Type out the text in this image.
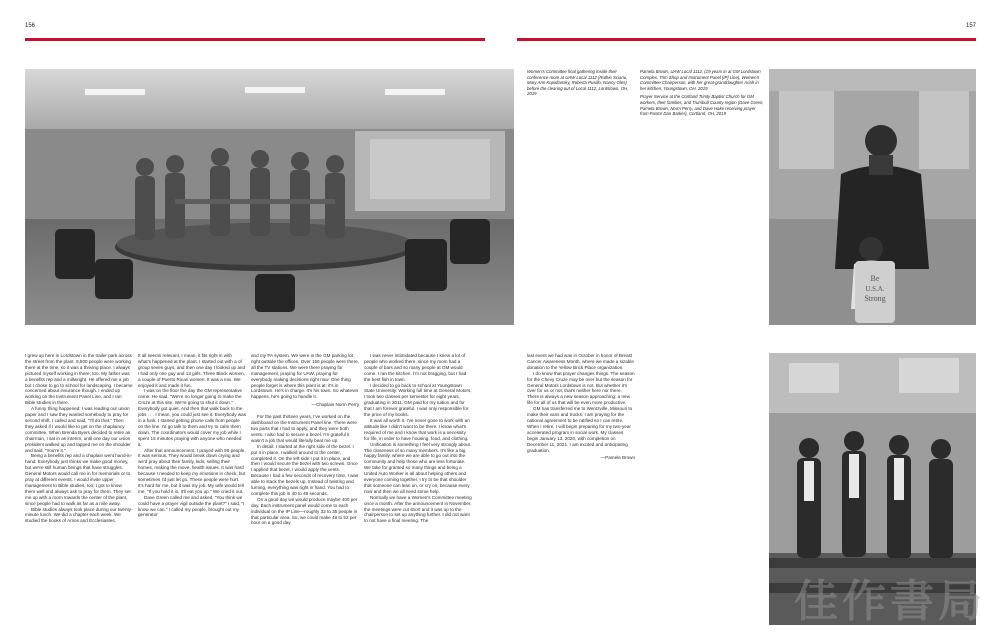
156	157
Be
U.S.A.
Strong

Women's Committee final gathering inside their conference room at UAW Local 1112 (Ruthie Sciariu, Mary Ann Kopidlansky, Roberta Pusillo, Nancy Oles) before the clearing out of Local 1112, Lordstown, OH, 2019

Pamela Brown, UAW Local 1112, (19 years in at GM Lordstown Complex, Trim Shop and Instrument Panel [IP] Line), Women's Committee Chairperson, with her great-granddaughter Ariah in her kitchen, Youngstown, OH, 2019

Prayer Service at the Cortland Trinity Baptist Church for GM workers, their families, and Trumbull County region (Dave Green, Pamela Brown, Norm Perry, and Dave Hake receiving prayer from Pastor Dan Barker), Cortland, OH, 2019

I grew up here in Lordstown in the trailer park across the street from the plant. 9,500 people were working there at the time, so it was a thriving place. I always pictured myself working in there, too. My father was a benefits rep and a millwright. He offered me a job but I chose to go to school for landscaping. I became concerned about insurance though. I ended up working on the Instrument Panel Line, and I ran Bible studies in there.

A funny thing happened: I was reading our union paper and I saw they wanted somebody to pray for second shift. I called and said, "I'll do that." Then they asked if I would like to get on the chaplaincy committee. When Brenda Byers decided to retire as chairman, I sat in as interim, until one day our union president walked up and tapped me on the shoulder and said, "You're it."

Being a benefits rep and a chaplain went hand-in-hand. Everybody just thinks we make good money, but we're still human beings that have struggles. General Motors would call me in for memorials or to pray at different events. I would invite upper management to Bible studies, too; I got to know them well and always ask to pray for them. They set me up with a room towards the center of the plant, since people had to walk as far as a mile away.

Bible studies always took place during our twenty-minute lunch. We did a chapter each week. We studied the books of Amos and Ecclesiastes.

It all seems relevant, I mean, it fits right in with what's happened at the plant. I started out with a of group seven guys, and then one day I looked up and I had only one guy and 13 girls. Three Black women, a couple of Puerto Rican women. It was a mix. We enjoyed it and made it fun.

I was on the floor the day the GM representative came. He said, "We're no longer going to make the Cruze at this site. We're going to shut it down." Everybody got quiet. And then that walk back to the jobs . . . I mean, you could just see it. Everybody was in a funk. I started getting phone calls from people on the line. I'd go talk to them and try to calm them down. The coordinators would cover my job while I spent 15 minutes praying with anyone who needed it.

After that announcement, I prayed with 90 people. It was serious. They would break down crying and we'd pray about their family, kids, selling their homes, making the move, health issues. It was hard because I needed to keep my emotions in check, but sometimes I'd just let go. These people were hurt. It's hard for me, but it was my job. My wife would tell me, "If you hold it in, it'll eat you up." We cried it out.

Dave Green called me and asked, "You think we could have a prayer vigil outside the plant?" I said, "I know we can." I called my people, brought out my generator

and my PA system. We were in the GM parking lot right outside the offices. Over 150 people were there, all the TV stations. We were there praying for management, praying for UAW, praying for everybody making decisions right now. One thing people forget is where this plant is at: it's in Lordstown. He's in charge. It's his town. So whatever happens, he's going to handle it.

—Chaplain Norm Perry

For the past thirteen years, I've worked on the dashboard on the Instrument Panel line. There were two parts that I had to apply, and they were both vents. I also had to secure a bezel. I'm grateful it wasn't a job that would literally beat me up.

In detail: I started at the right side of the bezel. I put it in place. I walked around to the center, completed it. On the left side I put it in place, and then I would secure the bezel with two screws. Once I applied that bezel, I would apply the vents. Because I had a few seconds of recovery time, I was able to stack the bezels up. Instead of twisting and turning, everything was right in hand. You had to complete this job in 40 to 48 seconds.

On a good day we would produce maybe 400 per day. Each instrument panel would come to each individual on the IP Line—roughly 32 to 35 people in that particular area. So, we could make 48 to 52 per hour on a good day.

I was never intimidated because I knew a lot of people who worked there, since my mom had a couple of bars and so many people at GM would come. I ran the kitchen. I'm not bragging, but I had the best fish in town.

I decided to go back to school at Youngstown State University. Working full time at General Motors, I took two classes per semester for eight years, graduating in 2011. GM paid for my tuition and for that I am forever grateful. I was only responsible for the price of my books.

It was all worth it. I've never gone to work with an attitude like I didn't want to be there. I know what's required of me and I know that work is a necessity for life, in order to have housing, food, and clothing.

Unification is something I feel very strongly about. The closeness of so many members. It's like a big happy family, where we are able to go out into the community and help those who are less fortunate. We take for granted so many things and being a United Auto Worker is all about helping others and everyone coming together. I try to be that shoulder that someone can lean on, or cry on, because every now and then we all need some help.

Normally we have a Women's Committee meeting once a month. After the announcement in November, the meetings were cut short and it was up to the chairperson to set up anything further. I did not want to not have a final meeting. The

last event we had was in October in honor of Breast Cancer Awareness Month, where we made a sizable donation to the Yellow Brick Place organization.

I do know that prayer changes things. The season for the Chevy Cruze may be over but the season for General Motors Lordstown is not. But whether it's over for us or not, that's neither here nor there. There is always a new season approaching: a new life for all of us that will be even more productive.

GM has transferred me to Wentzville, Missouri to make their vans and trucks. I am praying for the national agreement to be ratified so I can retire. When I retire, I will begin preparing for my two-year accelerated program in social work. My classes begin January 13, 2020, with completion on December 11, 2021. I am excited and anticipating graduation.

—Pamela Brown

佳作書局
